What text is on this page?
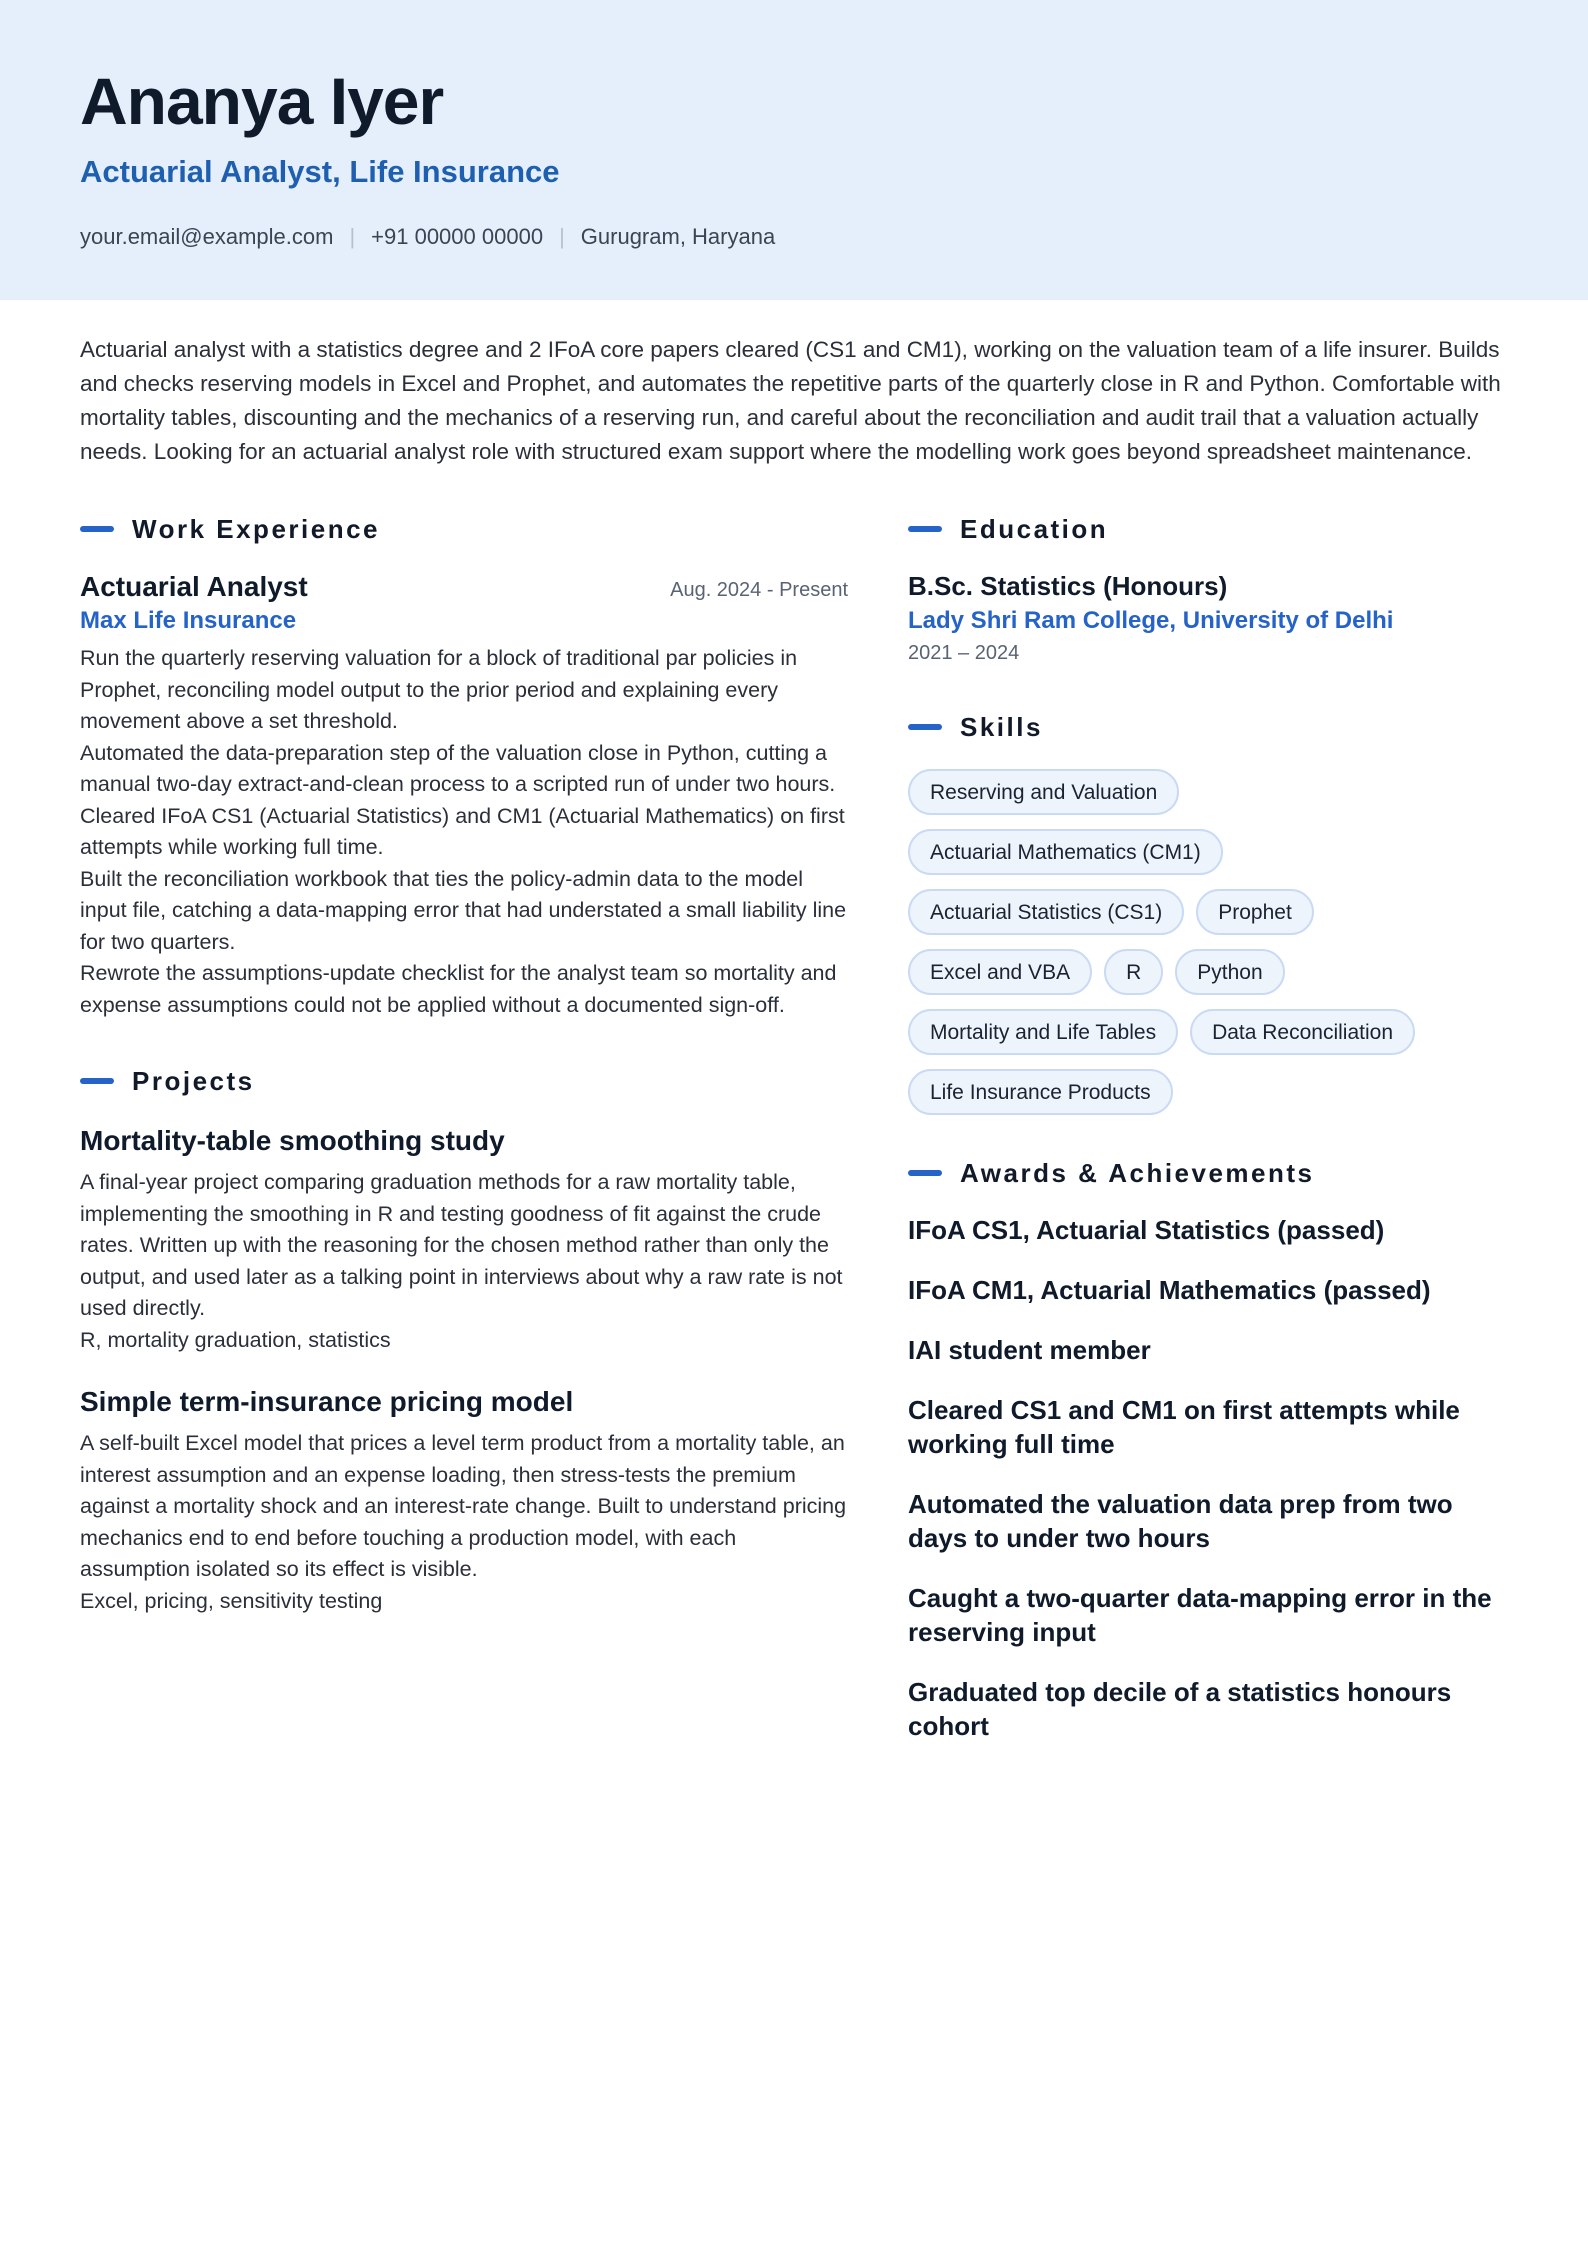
Ananya Iyer
Actuarial Analyst, Life Insurance
your.email@example.com | +91 00000 00000 | Gurugram, Haryana
Actuarial analyst with a statistics degree and 2 IFoA core papers cleared (CS1 and CM1), working on the valuation team of a life insurer. Builds and checks reserving models in Excel and Prophet, and automates the repetitive parts of the quarterly close in R and Python. Comfortable with mortality tables, discounting and the mechanics of a reserving run, and careful about the reconciliation and audit trail that a valuation actually needs. Looking for an actuarial analyst role with structured exam support where the modelling work goes beyond spreadsheet maintenance.
Work Experience
Actuarial Analyst	Aug. 2024 - Present
Max Life Insurance
Run the quarterly reserving valuation for a block of traditional par policies in Prophet, reconciling model output to the prior period and explaining every movement above a set threshold.
Automated the data-preparation step of the valuation close in Python, cutting a manual two-day extract-and-clean process to a scripted run of under two hours.
Cleared IFoA CS1 (Actuarial Statistics) and CM1 (Actuarial Mathematics) on first attempts while working full time.
Built the reconciliation workbook that ties the policy-admin data to the model input file, catching a data-mapping error that had understated a small liability line for two quarters.
Rewrote the assumptions-update checklist for the analyst team so mortality and expense assumptions could not be applied without a documented sign-off.
Projects
Mortality-table smoothing study
A final-year project comparing graduation methods for a raw mortality table, implementing the smoothing in R and testing goodness of fit against the crude rates. Written up with the reasoning for the chosen method rather than only the output, and used later as a talking point in interviews about why a raw rate is not used directly.
R, mortality graduation, statistics
Simple term-insurance pricing model
A self-built Excel model that prices a level term product from a mortality table, an interest assumption and an expense loading, then stress-tests the premium against a mortality shock and an interest-rate change. Built to understand pricing mechanics end to end before touching a production model, with each assumption isolated so its effect is visible.
Excel, pricing, sensitivity testing
Education
B.Sc. Statistics (Honours)
Lady Shri Ram College, University of Delhi
2021 – 2024
Skills
Reserving and Valuation
Actuarial Mathematics (CM1)
Actuarial Statistics (CS1)	Prophet
Excel and VBA	R	Python
Mortality and Life Tables	Data Reconciliation
Life Insurance Products
Awards & Achievements
IFoA CS1, Actuarial Statistics (passed)
IFoA CM1, Actuarial Mathematics (passed)
IAI student member
Cleared CS1 and CM1 on first attempts while working full time
Automated the valuation data prep from two days to under two hours
Caught a two-quarter data-mapping error in the reserving input
Graduated top decile of a statistics honours cohort
